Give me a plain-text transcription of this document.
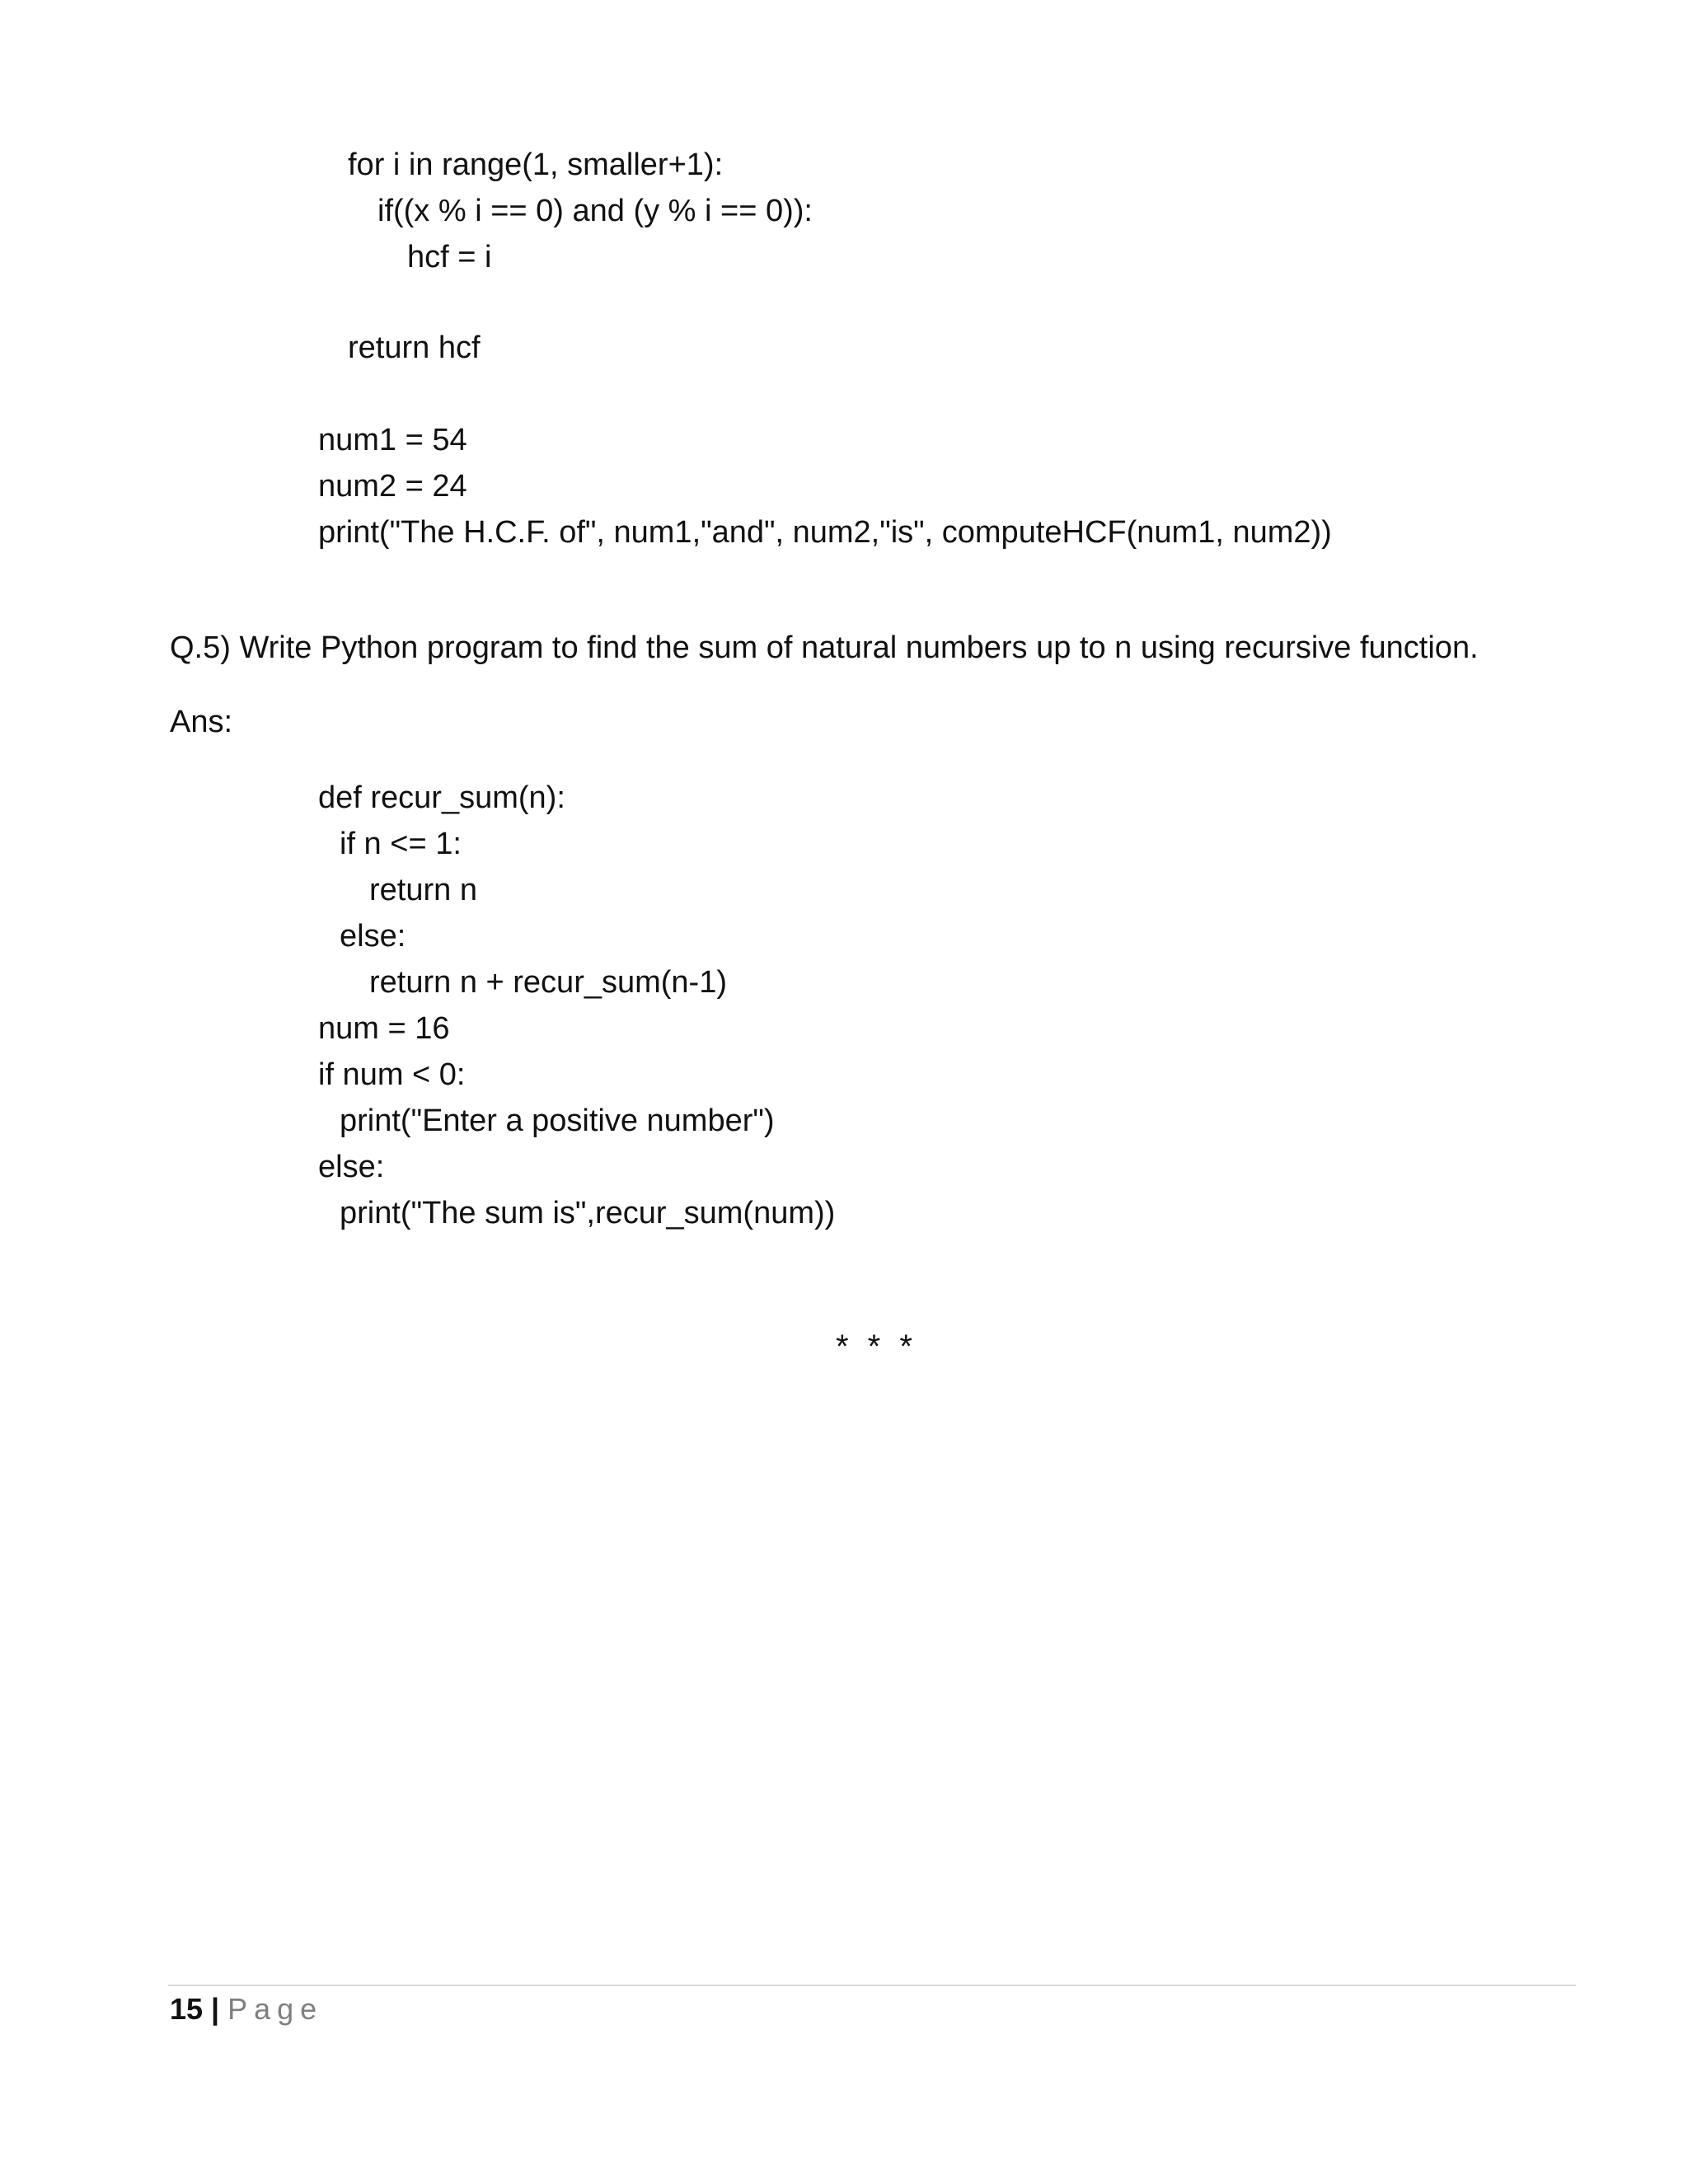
for i in range(1, smaller+1):
if((x % i == 0) and (y % i == 0)):
hcf = i
return hcf
num1 = 54
num2 = 24
print("The H.C.F. of", num1,"and", num2,"is", computeHCF(num1, num2))
Q.5) Write Python program to find the sum of natural numbers up to n using recursive function.
Ans:
def recur_sum(n):
if n <= 1:
return n
else:
return n + recur_sum(n-1)
num = 16
if num < 0:
print("Enter a positive number")
else:
print("The sum is",recur_sum(num))
* * *
15 | Page
